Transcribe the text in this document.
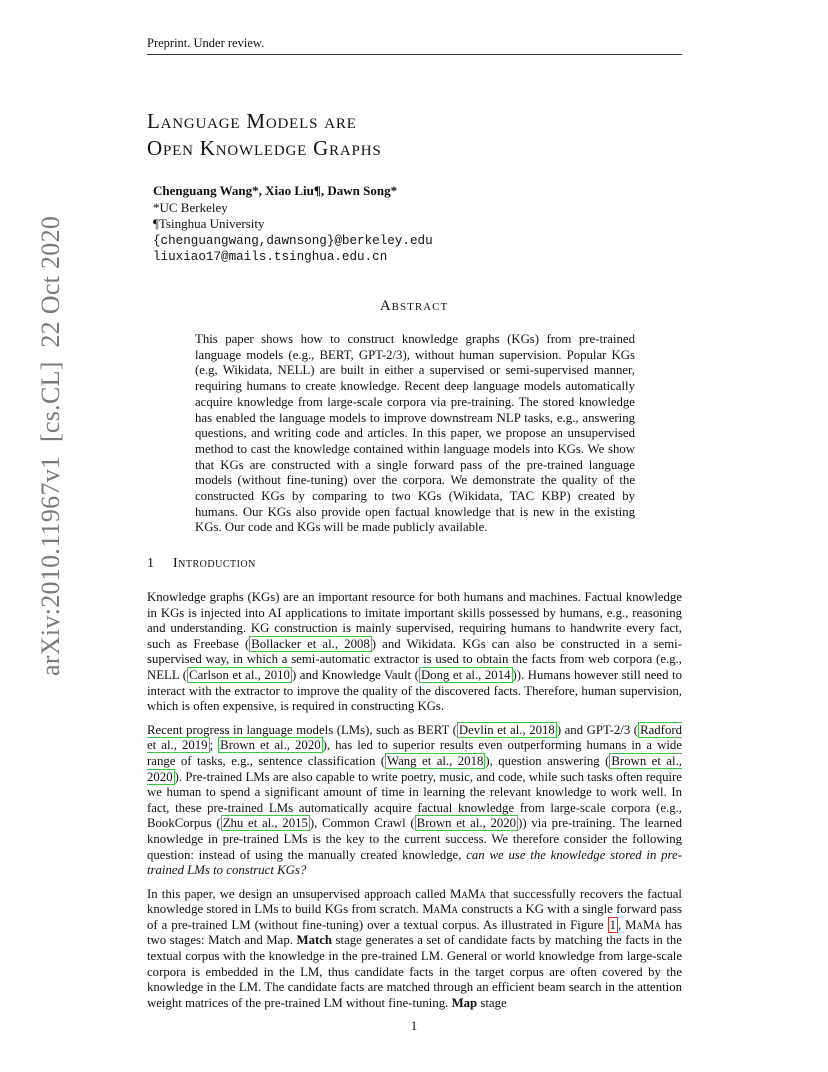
Preprint. Under review.
arXiv:2010.11967v1  [cs.CL]  22 Oct 2020
Language Models are
Open Knowledge Graphs
Chenguang Wang*, Xiao Liu¶, Dawn Song*
*UC Berkeley
¶Tsinghua University
{chenguangwang,dawnsong}@berkeley.edu
liuxiao17@mails.tsinghua.edu.cn
Abstract
This paper shows how to construct knowledge graphs (KGs) from pre-trained language models (e.g., BERT, GPT-2/3), without human supervision. Popular KGs (e.g, Wikidata, NELL) are built in either a supervised or semi-supervised manner, requiring humans to create knowledge. Recent deep language models automatically acquire knowledge from large-scale corpora via pre-training. The stored knowledge has enabled the language models to improve downstream NLP tasks, e.g., answering questions, and writing code and articles. In this paper, we propose an unsupervised method to cast the knowledge contained within language models into KGs. We show that KGs are constructed with a single forward pass of the pre-trained language models (without fine-tuning) over the corpora. We demonstrate the quality of the constructed KGs by comparing to two KGs (Wikidata, TAC KBP) created by humans. Our KGs also provide open factual knowledge that is new in the existing KGs. Our code and KGs will be made publicly available.
1 Introduction

Knowledge graphs (KGs) are an important resource for both humans and machines. Factual knowledge in KGs is injected into AI applications to imitate important skills possessed by humans, e.g., reasoning and understanding. KG construction is mainly supervised, requiring humans to handwrite every fact, such as Freebase ( Bollacker et al., 2008 ) and Wikidata. KGs can also be constructed in a semi-supervised way, in which a semi-automatic extractor is used to obtain the facts from web corpora (e.g., NELL ( Carlson et al., 2010 ) and Knowledge Vault ( Dong et al., 2014 )). Humans however still need to interact with the extractor to improve the quality of the discovered facts. Therefore, human supervision, which is often expensive, is required in constructing KGs.

Recent progress in language models (LMs), such as BERT ( Devlin et al., 2018 ) and GPT-2/3 ( Radford et al., 2019 ; Brown et al., 2020 ), has led to superior results even outperforming humans in a wide range of tasks, e.g., sentence classification ( Wang et al., 2018 ), question answering ( Brown et al., 2020 ). Pre-trained LMs are also capable to write poetry, music, and code, while such tasks often require we human to spend a significant amount of time in learning the relevant knowledge to work well. In fact, these pre-trained LMs automatically acquire factual knowledge from large-scale corpora (e.g., BookCorpus ( Zhu et al., 2015 ), Common Crawl ( Brown et al., 2020 )) via pre-training. The learned knowledge in pre-trained LMs is the key to the current success. We therefore consider the following question: instead of using the manually created knowledge, can we use the knowledge stored in pre-trained LMs to construct KGs?

In this paper, we design an unsupervised approach called MaMa that successfully recovers the factual knowledge stored in LMs to build KGs from scratch. MaMa constructs a KG with a single forward pass of a pre-trained LM (without fine-tuning) over a textual corpus. As illustrated in Figure 1 , MaMa has two stages: Match and Map. Match stage generates a set of candidate facts by matching the facts in the textual corpus with the knowledge in the pre-trained LM. General or world knowledge from large-scale corpora is embedded in the LM, thus candidate facts in the target corpus are often covered by the knowledge in the LM. The candidate facts are matched through an efficient beam search in the attention weight matrices of the pre-trained LM without fine-tuning. Map stage

1
